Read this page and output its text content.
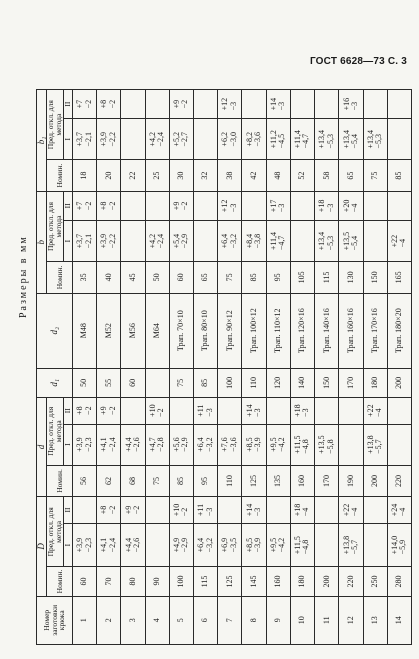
ГОСТ 6628—73 С. 3
Размеры в мм
Номер заготовки крюка	D			d			d₁	d₂	b			b₁		
	Номин.	Пред. откл. для метода		Номин.	Пред. откл. для метода				Номин.	Пред. откл. для метода		Номин.	Пред. откл. для метода	
		I	II		I	II				I	II		I	II
1	60	+3,9 −2,3		56	+3,9 −2,3	+8 −2	50	М48	35	+3,7 −2,1	+7 −2	18	+3,7 −2,1	+7 −2

2	70	+4,1 −2,4	+8 −2	62	+4,1 −2,4	+9 −2	55	М52	40	+3,9 −2,2	+8 −2	20	+3,9 −2,2	+8 −2

3	80	+4,4 −2,6	+9 −2	68	+4,4 −2,6		60	М56	45			22		
4	90			75	+4,7 −2,8	+10 −2		М64	50	+4,2 −2,4		25	+4,2 −2,4	

5	100	+4,9 −2,9	+10 −2	85	+5,6 −2,9		75	Трап. 70×10	60	+5,4 −2,9	+9 −2	30	+5,2 −2,7	+9 −2

6	115	+6,4 −3,2	+11 −3	95	+6,4 −3,2	+11 −3	85	Трап. 80×10	65			32		
7	125	+6,9 −3,5		110	+7,6 −3,6		100	Трап. 90×12	75	+6,4 −3,2	+12 −3	38	+6,2 −3,0	+12 −3

8	145	+8,5 −3,9	+14 −3	125	+8,5 −3,9	+14 −3	110	Трап. 100×12	85	+8,4 −3,8		42	+8,2 −3,6	

9	160	+9,5 −4,2		135	+9,5 −4,2		120	Трап. 110×12	95	+11,4 −4,7	+17 −3	48	+11,2 −4,5	+14 −3

10	180	+11,5 −4,8	+18 −4	160	+11,5 −4,8	+18 −3	140	Трап. 120×16	105			52	+11,4 −4,7	

11	200			170	+13,5 −5,8		150	Трап. 140×16	115	+13,4 −5,3	+18 −3	58	+13,4 −5,3	

12	220	+13,8 −5,7	+22 −4	190			170	Трап. 160×16	130	+13,5 −5,4	+20 −4	65	+13,4 −5,4	+16 −3

13	250			200	+13,8 −5,7	+22 −4	180	Трап. 170×16	150			75	+13,4 −5,3	

14	280	+14,0 −5,9	+24 −4	220			200	Трап. 180×20	165	+22 −4		85		
